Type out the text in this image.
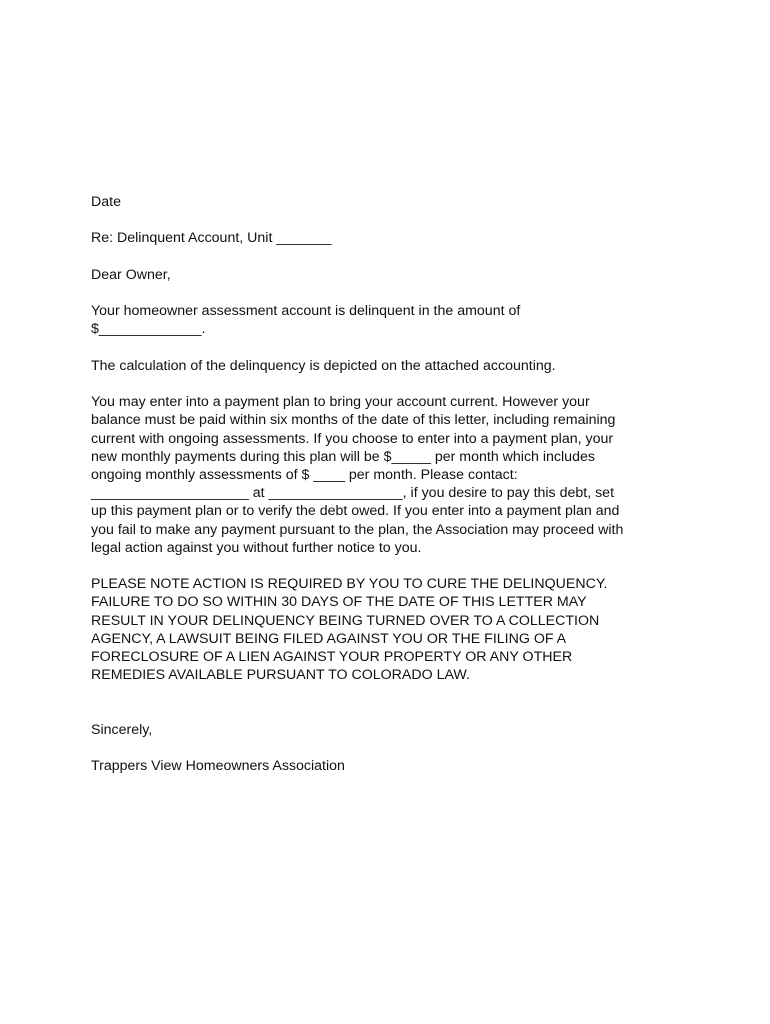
Date

Re: Delinquent Account, Unit _______

Dear Owner,

Your homeowner assessment account is delinquent in the amount of
$_____________.

The calculation of the delinquency is depicted on the attached accounting.

You may enter into a payment plan to bring your account current. However your
balance must be paid within six months of the date of this letter, including remaining
current with ongoing assessments. If you choose to enter into a payment plan, your
new monthly payments during this plan will be $_____ per month which includes
ongoing monthly assessments of $ ____ per month. Please contact:
____________________ at _________________, if you desire to pay this debt, set
up this payment plan or to verify the debt owed. If you enter into a payment plan and
you fail to make any payment pursuant to the plan, the Association may proceed with
legal action against you without further notice to you.

PLEASE NOTE ACTION IS REQUIRED BY YOU TO CURE THE DELINQUENCY.
FAILURE TO DO SO WITHIN 30 DAYS OF THE DATE OF THIS LETTER MAY
RESULT IN YOUR DELINQUENCY BEING TURNED OVER TO A COLLECTION
AGENCY, A LAWSUIT BEING FILED AGAINST YOU OR THE FILING OF A
FORECLOSURE OF A LIEN AGAINST YOUR PROPERTY OR ANY OTHER
REMEDIES AVAILABLE PURSUANT TO COLORADO LAW.

Sincerely,

Trappers View Homeowners Association
